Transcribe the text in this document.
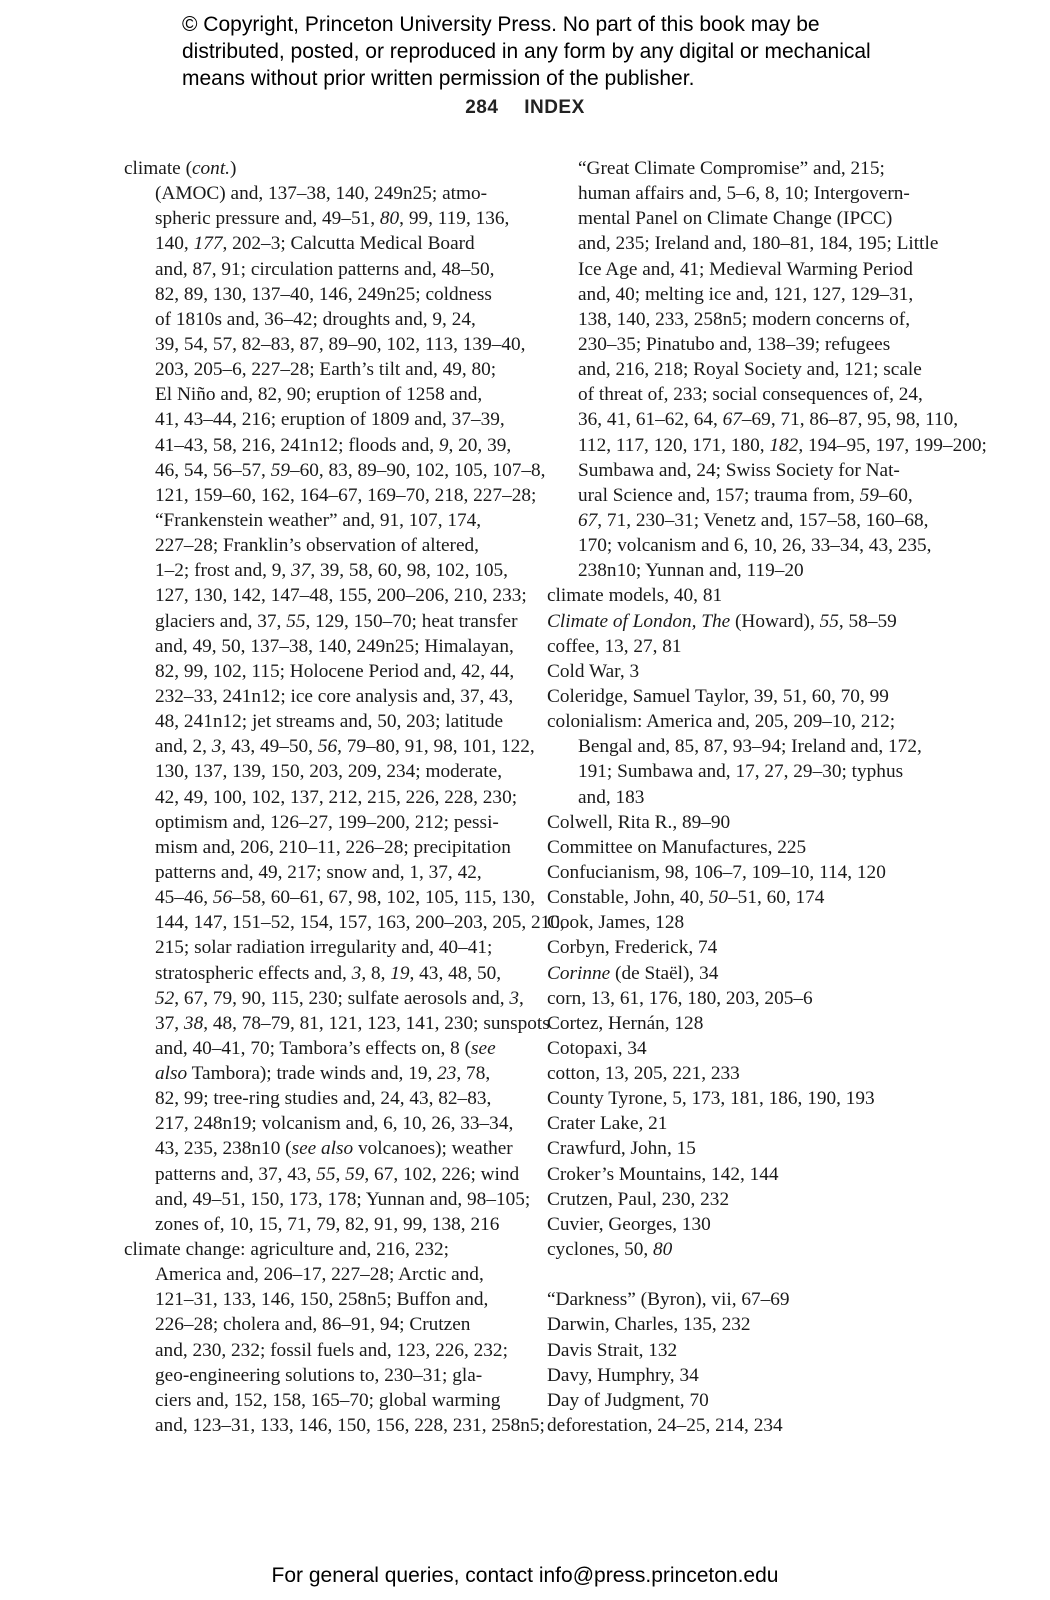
© Copyright, Princeton University Press. No part of this book may be
distributed, posted, or reproduced in any form by any digital or mechanical
means without prior written permission of the publisher.
284 INDEX
climate (cont.)
(AMOC) and, 137–38, 140, 249n25; atmo-
spheric pressure and, 49–51, 80, 99, 119, 136,
140, 177, 202–3; Calcutta Medical Board
and, 87, 91; circulation patterns and, 48–50,
82, 89, 130, 137–40, 146, 249n25; coldness
of 1810s and, 36–42; droughts and, 9, 24,
39, 54, 57, 82–83, 87, 89–90, 102, 113, 139–40,
203, 205–6, 227–28; Earth’s tilt and, 49, 80;
El Niño and, 82, 90; eruption of 1258 and,
41, 43–44, 216; eruption of 1809 and, 37–39,
41–43, 58, 216, 241n12; floods and, 9, 20, 39,
46, 54, 56–57, 59–60, 83, 89–90, 102, 105, 107–8,
121, 159–60, 162, 164–67, 169–70, 218, 227–28;
“Frankenstein weather” and, 91, 107, 174,
227–28; Franklin’s observation of altered,
1–2; frost and, 9, 37, 39, 58, 60, 98, 102, 105,
127, 130, 142, 147–48, 155, 200–206, 210, 233;
glaciers and, 37, 55, 129, 150–70; heat transfer
and, 49, 50, 137–38, 140, 249n25; Himalayan,
82, 99, 102, 115; Holocene Period and, 42, 44,
232–33, 241n12; ice core analysis and, 37, 43,
48, 241n12; jet streams and, 50, 203; latitude
and, 2, 3, 43, 49–50, 56, 79–80, 91, 98, 101, 122,
130, 137, 139, 150, 203, 209, 234; moderate,
42, 49, 100, 102, 137, 212, 215, 226, 228, 230;
optimism and, 126–27, 199–200, 212; pessi-
mism and, 206, 210–11, 226–28; precipitation
patterns and, 49, 217; snow and, 1, 37, 42,
45–46, 56–58, 60–61, 67, 98, 102, 105, 115, 130,
144, 147, 151–52, 154, 157, 163, 200–203, 205, 210,
215; solar radiation irregularity and, 40–41;
stratospheric effects and, 3, 8, 19, 43, 48, 50,
52, 67, 79, 90, 115, 230; sulfate aerosols and, 3,
37, 38, 48, 78–79, 81, 121, 123, 141, 230; sunspots
and, 40–41, 70; Tambora’s effects on, 8 (see
also Tambora); trade winds and, 19, 23, 78,
82, 99; tree-ring studies and, 24, 43, 82–83,
217, 248n19; volcanism and, 6, 10, 26, 33–34,
43, 235, 238n10 (see also volcanoes); weather
patterns and, 37, 43, 55, 59, 67, 102, 226; wind
and, 49–51, 150, 173, 178; Yunnan and, 98–105;
zones of, 10, 15, 71, 79, 82, 91, 99, 138, 216
climate change: agriculture and, 216, 232;
America and, 206–17, 227–28; Arctic and,
121–31, 133, 146, 150, 258n5; Buffon and,
226–28; cholera and, 86–91, 94; Crutzen
and, 230, 232; fossil fuels and, 123, 226, 232;
geo-engineering solutions to, 230–31; gla-
ciers and, 152, 158, 165–70; global warming
and, 123–31, 133, 146, 150, 156, 228, 231, 258n5;
“Great Climate Compromise” and, 215;
human affairs and, 5–6, 8, 10; Intergovern-
mental Panel on Climate Change (IPCC)
and, 235; Ireland and, 180–81, 184, 195; Little
Ice Age and, 41; Medieval Warming Period
and, 40; melting ice and, 121, 127, 129–31,
138, 140, 233, 258n5; modern concerns of,
230–35; Pinatubo and, 138–39; refugees
and, 216, 218; Royal Society and, 121; scale
of threat of, 233; social consequences of, 24,
36, 41, 61–62, 64, 67–69, 71, 86–87, 95, 98, 110,
112, 117, 120, 171, 180, 182, 194–95, 197, 199–200;
Sumbawa and, 24; Swiss Society for Nat-
ural Science and, 157; trauma from, 59–60,
67, 71, 230–31; Venetz and, 157–58, 160–68,
170; volcanism and 6, 10, 26, 33–34, 43, 235,
238n10; Yunnan and, 119–20
climate models, 40, 81
Climate of London, The (Howard), 55, 58–59
coffee, 13, 27, 81
Cold War, 3
Coleridge, Samuel Taylor, 39, 51, 60, 70, 99
colonialism: America and, 205, 209–10, 212;
Bengal and, 85, 87, 93–94; Ireland and, 172,
191; Sumbawa and, 17, 27, 29–30; typhus
and, 183
Colwell, Rita R., 89–90
Committee on Manufactures, 225
Confucianism, 98, 106–7, 109–10, 114, 120
Constable, John, 40, 50–51, 60, 174
Cook, James, 128
Corbyn, Frederick, 74
Corinne (de Staël), 34
corn, 13, 61, 176, 180, 203, 205–6
Cortez, Hernán, 128
Cotopaxi, 34
cotton, 13, 205, 221, 233
County Tyrone, 5, 173, 181, 186, 190, 193
Crater Lake, 21
Crawfurd, John, 15
Croker’s Mountains, 142, 144
Crutzen, Paul, 230, 232
Cuvier, Georges, 130
cyclones, 50, 80
“Darkness” (Byron), vii, 67–69
Darwin, Charles, 135, 232
Davis Strait, 132
Davy, Humphry, 34
Day of Judgment, 70
deforestation, 24–25, 214, 234
For general queries, contact info@press.princeton.edu
